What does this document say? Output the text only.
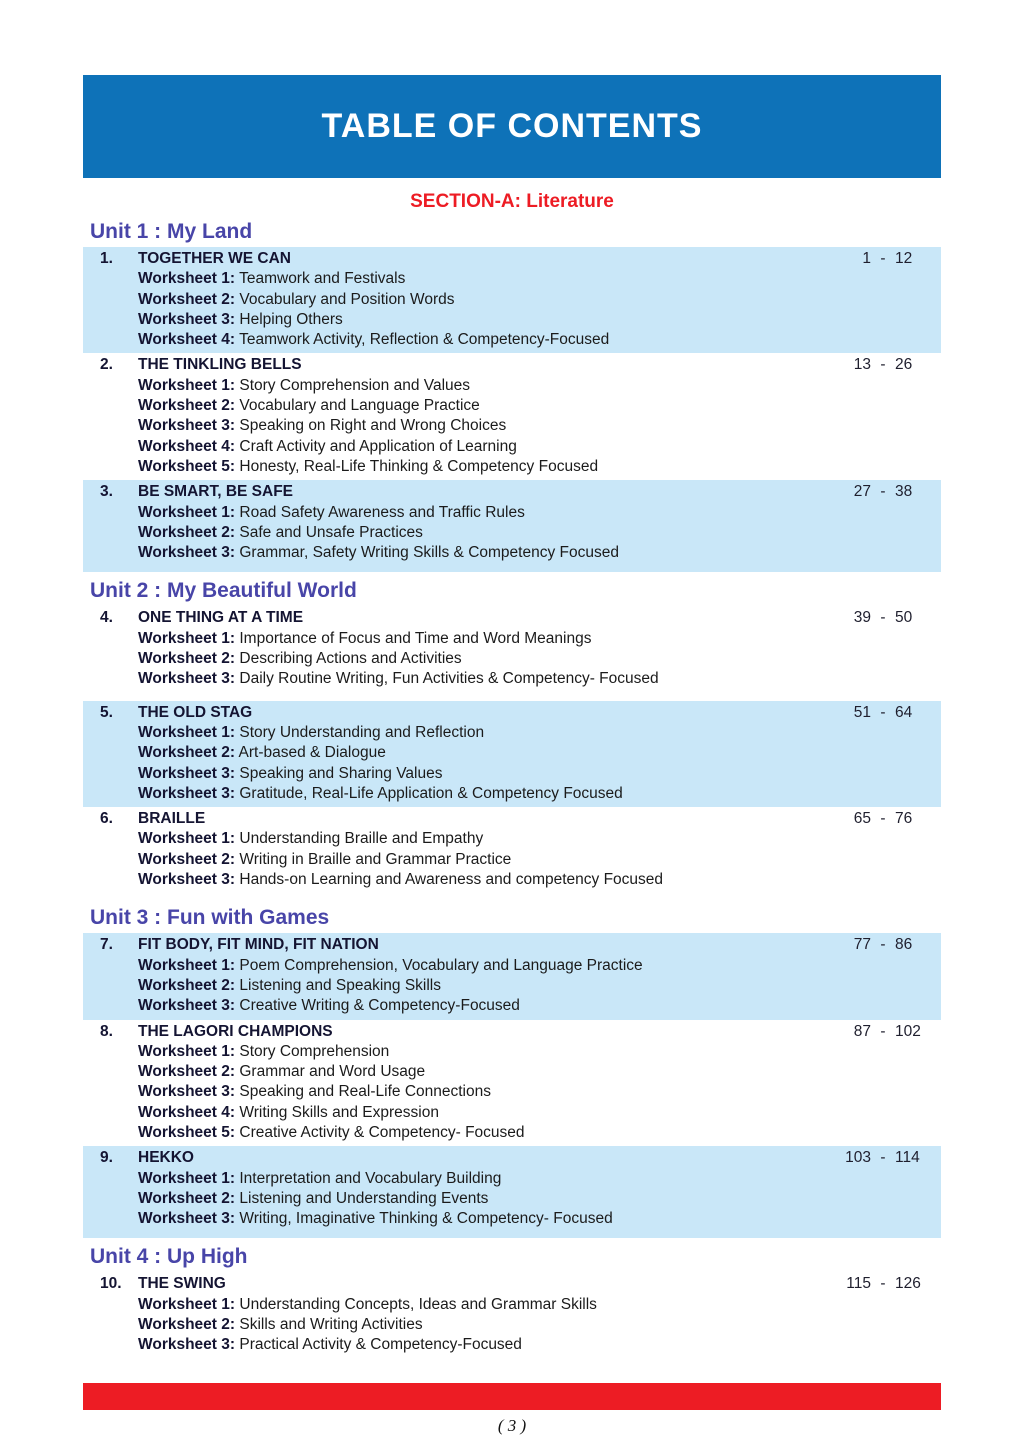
TABLE OF CONTENTS
SECTION-A: Literature
Unit 1 : My Land
1.	TOGETHER WE CAN	1 - 12
Worksheet 1: Teamwork and Festivals
Worksheet 2: Vocabulary and Position Words
Worksheet 3: Helping Others
Worksheet 4: Teamwork Activity, Reflection & Competency-Focused
2.	THE TINKLING BELLS	13 - 26
Worksheet 1: Story Comprehension and Values
Worksheet 2: Vocabulary and Language Practice
Worksheet 3: Speaking on Right and Wrong Choices
Worksheet 4: Craft Activity and Application of Learning
Worksheet 5: Honesty, Real-Life Thinking & Competency Focused
3.	BE SMART, BE SAFE	27 - 38
Worksheet 1: Road Safety Awareness and Traffic Rules
Worksheet 2: Safe and Unsafe Practices
Worksheet 3: Grammar, Safety Writing Skills & Competency Focused
Unit 2 : My Beautiful World
4.	ONE THING AT A TIME	39 - 50
Worksheet 1: Importance of Focus and Time and Word Meanings
Worksheet 2: Describing Actions and Activities
Worksheet 3: Daily Routine Writing, Fun Activities & Competency- Focused
5.	THE OLD STAG	51 - 64
Worksheet 1: Story Understanding and Reflection
Worksheet 2: Art-based & Dialogue
Worksheet 3: Speaking and Sharing Values
Worksheet 3: Gratitude, Real-Life Application & Competency Focused
6.	BRAILLE	65 - 76
Worksheet 1: Understanding Braille and Empathy
Worksheet 2: Writing in Braille and Grammar Practice
Worksheet 3: Hands-on Learning and Awareness and competency Focused
Unit 3 : Fun with Games
7.	FIT BODY, FIT MIND, FIT NATION	77 - 86
Worksheet 1: Poem Comprehension, Vocabulary and Language Practice
Worksheet 2: Listening and Speaking Skills
Worksheet 3: Creative Writing & Competency-Focused
8.	THE LAGORI CHAMPIONS	87 - 102
Worksheet 1: Story Comprehension
Worksheet 2: Grammar and Word Usage
Worksheet 3: Speaking and Real-Life Connections
Worksheet 4: Writing Skills and Expression
Worksheet 5: Creative Activity & Competency- Focused
9.	HEKKO	103 - 114
Worksheet 1: Interpretation and Vocabulary Building
Worksheet 2: Listening and Understanding Events
Worksheet 3: Writing, Imaginative Thinking & Competency- Focused
Unit 4 : Up High
10.	THE SWING	115 - 126
Worksheet 1: Understanding Concepts, Ideas and Grammar Skills
Worksheet 2: Skills and Writing Activities
Worksheet 3: Practical Activity & Competency-Focused
( 3 )
